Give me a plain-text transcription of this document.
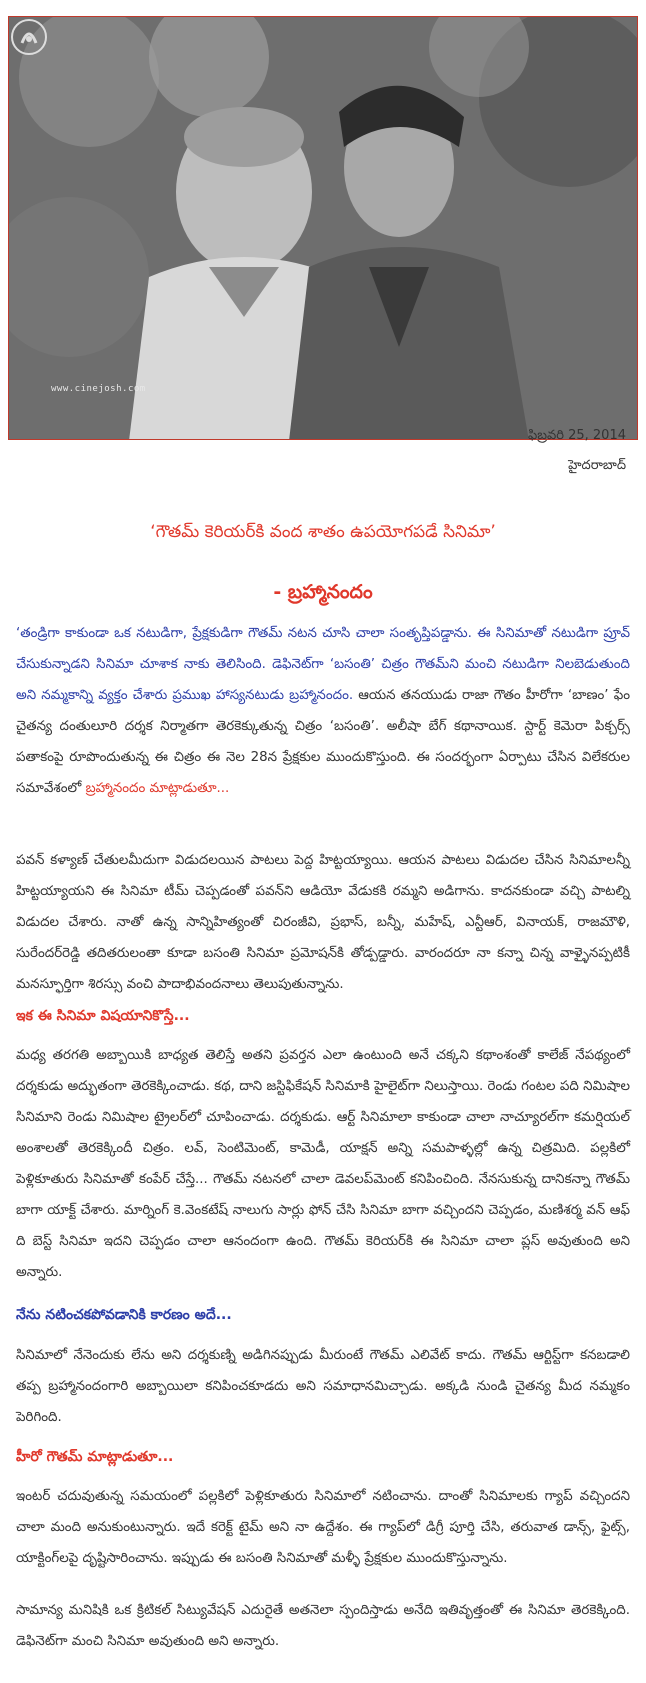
www.cinejosh.com
ఫిబ్రవరి 25, 2014
హైదరాబాద్
‘గౌతమ్ కెరియర్‌కి వంద శాతం ఉపయోగపడే సినిమా’
- బ్రహ్మానందం

‘తండ్రిగా కాకుండా ఒక నటుడిగా, ప్రేక్షకుడిగా గౌతమ్ నటన చూసి చాలా సంతృప్తిపడ్డాను. ఈ సినిమాతో నటుడిగా ప్రూవ్ చేసుకున్నాడని సినిమా చూశాక నాకు తెలిసింది. డెఫినెట్‌గా ‘బసంతి’ చిత్రం గౌతమ్‌ని మంచి నటుడిగా నిలబెడుతుంది అని నమ్మకాన్ని వ్యక్తం చేశారు ప్రముఖ హాస్యనటుడు బ్రహ్మానందం. ఆయన తనయుడు రాజా గౌతం హీరోగా ‘బాణం’ ఫేం చైతన్య దంతులూరి దర్శక నిర్మాతగా తెరకెక్కుతున్న చిత్రం ‘బసంతి’. అలీషా బేగ్ కథానాయిక. స్టార్ట్ కెమెరా పిక్చర్స్ పతాకంపై రూపొందుతున్న ఈ చిత్రం ఈ నెల 28న ప్రేక్షకుల ముందుకొస్తుంది. ఈ సందర్భంగా ఏర్పాటు చేసిన విలేకరుల సమావేశంలో బ్రహ్మానందం మాట్లాడుతూ...

పవన్ కళ్యాణ్ చేతులమీదుగా విడుదలయిన పాటలు పెద్ద హిట్టయ్యాయి. ఆయన పాటలు విడుదల చేసిన సినిమాలన్నీ హిట్టయ్యాయని ఈ సినిమా టీమ్ చెప్పడంతో పవన్‌ని ఆడియో వేడుకకి రమ్మని అడిగాను. కాదనకుండా వచ్చి పాటల్ని విడుదల చేశారు. నాతో ఉన్న సాన్నిహిత్యంతో చిరంజీవి, ప్రభాస్, బన్నీ, మహేష్, ఎన్టీఆర్, వినాయక్, రాజమౌళి, సురేందర్‌రెడ్డి తదితరులంతా కూడా బసంతి సినిమా ప్రమోషన్‌కి తోడ్పడ్డారు. వారందరూ నా కన్నా చిన్న వాళ్ళైనప్పటికీ మనస్ఫూర్తిగా శిరస్సు వంచి పాదాభివందనాలు తెలుపుతున్నాను.

ఇక ఈ సినిమా విషయానికొస్తే...

మధ్య తరగతి అబ్బాయికి బాధ్యత తెలిస్తే అతని ప్రవర్తన ఎలా ఉంటుంది అనే చక్కని కథాంశంతో కాలేజ్ నేపథ్యంలో దర్శకుడు అద్భుతంగా తెరకెక్కించాడు. కథ, దాని జస్టిఫికేషన్ సినిమాకి హైలైట్‌గా నిలుస్తాయి. రెండు గంటల పది నిమిషాల సినిమాని రెండు నిమిషాల ట్రైలర్‌లో చూపించాడు. దర్శకుడు. ఆర్ట్ సినిమాలా కాకుండా చాలా నాచ్యూరల్‌గా కమర్షియల్ అంశాలతో తెరకెక్కిందీ చిత్రం. లవ్, సెంటిమెంట్, కామెడీ, యాక్షన్ అన్ని సమపాళ్ళల్లో ఉన్న చిత్రమిది. పల్లకిలో పెళ్లికూతురు సినిమాతో కంపేర్ చేస్తే... గౌతమ్ నటనలో చాలా డెవలప్‌మెంట్ కనిపించింది. నేనసుకున్న దానికన్నా గౌతమ్ బాగా యాక్ట్ చేశారు. మార్నింగ్ కె.వెంకటేష్ నాలుగు సార్లు ఫోన్ చేసి సినిమా బాగా వచ్చిందని చెప్పడం, మణిశర్మ వన్ ఆఫ్ ది బెస్ట్ సినిమా ఇదని చెప్పడం చాలా ఆనందంగా ఉంది. గౌతమ్ కెరియర్‌కి ఈ సినిమా చాలా ప్లస్ అవుతుంది అని అన్నారు.

నేను నటించకపోవడానికి కారణం అదే...

సినిమాలో నేనెందుకు లేను అని దర్శకుణ్ని అడిగినప్పుడు మీరుంటే గౌతమ్ ఎలివేట్ కాదు. గౌతమ్ ఆర్టిస్ట్‌గా కనబడాలి తప్ప బ్రహ్మానందంగారి అబ్బాయిలా కనిపించకూడదు అని సమాధానమిచ్చాడు. అక్కడి నుండి చైతన్య మీద నమ్మకం పెరిగింది.

హీరో గౌతమ్ మాట్లాడుతూ...

ఇంటర్ చదువుతున్న సమయంలో పల్లకిలో పెళ్లికూతురు సినిమాలో నటించాను. దాంతో సినిమాలకు గ్యాప్ వచ్చిందని చాలా మంది అనుకుంటున్నారు. ఇదే కరెక్ట్ టైమ్ అని నా ఉద్దేశం. ఈ గ్యాప్‌లో డిగ్రీ పూర్తి చేసి, తరువాత డాన్స్, ఫైట్స్, యాక్టింగ్‌లపై దృష్టిసారించాను. ఇప్పుడు ఈ బసంతి సినిమాతో మళ్ళీ ప్రేక్షకుల ముందుకొస్తున్నాను.

సామాన్య మనిషికి ఒక క్రిటికల్ సిట్యువేషన్ ఎదురైతే అతనెలా స్పందిస్తాడు అనేది ఇతివృత్తంతో ఈ సినిమా తెరకెక్కింది. డెఫినెట్‌గా మంచి సినిమా అవుతుంది అని అన్నారు.
